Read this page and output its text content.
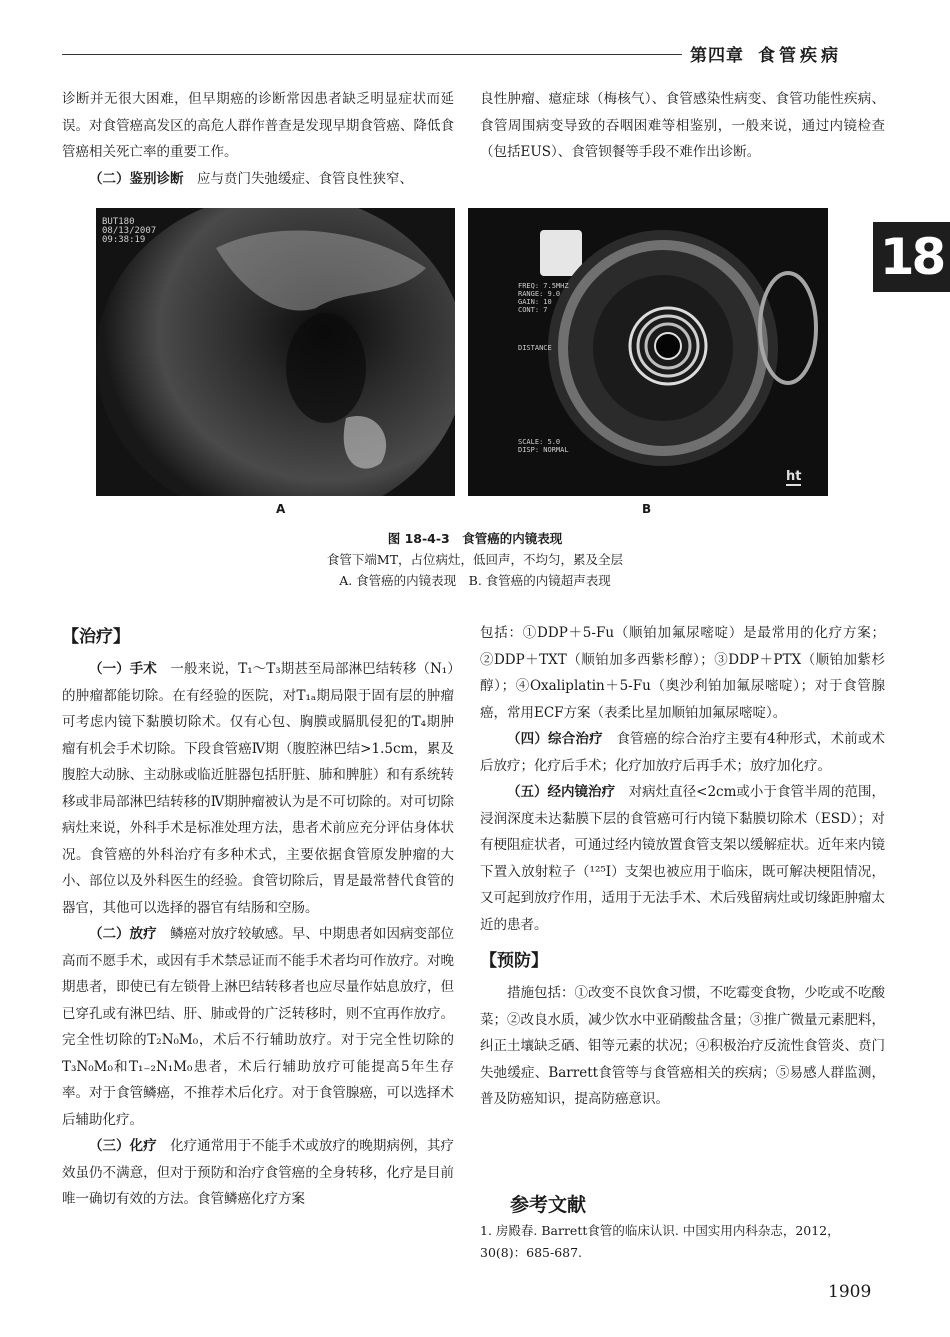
第四章 食管疾病
18

诊断并无很大困难，但早期癌的诊断常因患者缺乏明显症状而延误。对食管癌高发区的高危人群作普查是发现早期食管癌、降低食管癌相关死亡率的重要工作。

（二）鉴别诊断　 应与贲门失弛缓症、食管良性狭窄、

良性肿瘤、癔症球（梅核气）、食管感染性病变、食管功能性疾病、食管周围病变导致的吞咽困难等相鉴别，一般来说，通过内镜检查（包括EUS）、食管钡餐等手段不难作出诊断。

BUT180
08/13/2007
09:38:19
A
FREQ: 7.5MHZ
RANGE: 9.0
GAIN: 10
CONT: 7
DISTANCE
SCALE: 5.0
DISP: NORMAL
ht
B
图 18-4-3　食管癌的内镜表现
食管下端MT，占位病灶，低回声，不均匀，累及全层
A. 食管癌的内镜表现　B. 食管癌的内镜超声表现
【治疗】

（一）手术　 一般来说，T₁～T₃期甚至局部淋巴结转移（N₁）的肿瘤都能切除。在有经验的医院，对T₁ₐ期局限于固有层的肿瘤可考虑内镜下黏膜切除术。仅有心包、胸膜或膈肌侵犯的T₄期肿瘤有机会手术切除。下段食管癌Ⅳ期（腹腔淋巴结>1.5cm，累及腹腔大动脉、主动脉或临近脏器包括肝脏、肺和脾脏）和有系统转移或非局部淋巴结转移的Ⅳ期肿瘤被认为是不可切除的。对可切除病灶来说，外科手术是标准处理方法，患者术前应充分评估身体状况。食管癌的外科治疗有多种术式，主要依据食管原发肿瘤的大小、部位以及外科医生的经验。食管切除后，胃是最常替代食管的器官，其他可以选择的器官有结肠和空肠。

（二）放疗　 鳞癌对放疗较敏感。早、中期患者如因病变部位高而不愿手术，或因有手术禁忌证而不能手术者均可作放疗。对晚期患者，即使已有左锁骨上淋巴结转移者也应尽量作姑息放疗，但已穿孔或有淋巴结、肝、肺或骨的广泛转移时，则不宜再作放疗。完全性切除的T₂N₀M₀，术后不行辅助放疗。对于完全性切除的T₃N₀M₀和T₁₋₂N₁M₀患者，术后行辅助放疗可能提高5年生存率。对于食管鳞癌，不推荐术后化疗。对于食管腺癌，可以选择术后辅助化疗。

（三）化疗　 化疗通常用于不能手术或放疗的晚期病例，其疗效虽仍不满意，但对于预防和治疗食管癌的全身转移，化疗是目前唯一确切有效的方法。食管鳞癌化疗方案

包括：①DDP＋5-Fu（顺铂加氟尿嘧啶）是最常用的化疗方案；②DDP＋TXT（顺铂加多西紫杉醇）；③DDP＋PTX（顺铂加紫杉醇）；④Oxaliplatin＋5-Fu（奥沙利铂加氟尿嘧啶）；对于食管腺癌，常用ECF方案（表柔比星加顺铂加氟尿嘧啶）。

（四）综合治疗　 食管癌的综合治疗主要有4种形式，术前或术后放疗；化疗后手术；化疗加放疗后再手术；放疗加化疗。

（五）经内镜治疗　 对病灶直径<2cm或小于食管半周的范围，浸润深度未达黏膜下层的食管癌可行内镜下黏膜切除术（ESD）；对有梗阻症状者，可通过经内镜放置食管支架以缓解症状。近年来内镜下置入放射粒子（¹²⁵I）支架也被应用于临床，既可解决梗阻情况，又可起到放疗作用，适用于无法手术、术后残留病灶或切缘距肿瘤太近的患者。

【预防】

措施包括：①改变不良饮食习惯，不吃霉变食物，少吃或不吃酸菜；②改良水质，减少饮水中亚硝酸盐含量；③推广微量元素肥料，纠正土壤缺乏硒、钼等元素的状况；④积极治疗反流性食管炎、贲门失弛缓症、Barrett食管等与食管癌相关的疾病；⑤易感人群监测，普及防癌知识，提高防癌意识。

参考文献
1. 房殿春. Barrett食管的临床认识. 中国实用内科杂志，2012，30(8)：685-687.
1909
